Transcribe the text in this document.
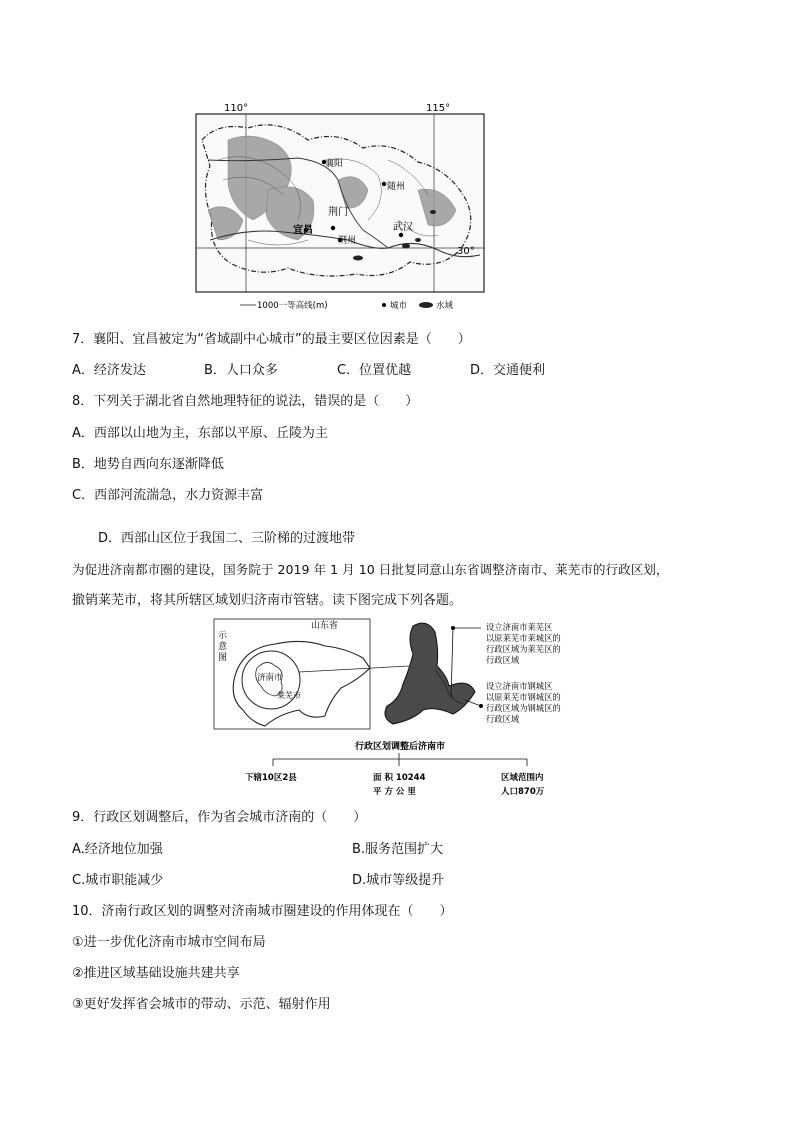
110°	115°
30°
襄阳
随州
荆门
宜昌
荆州
武汉
1000一等高线(m)	城市	水域
7．襄阳、宜昌被定为“省域副中心城市”的最主要区位因素是（　　）
A．经济发达	B．人口众多	C．位置优越	D．交通便利
8．下列关于湖北省自然地理特征的说法，错误的是（　　）
A．西部以山地为主，东部以平原、丘陵为主
B．地势自西向东逐渐降低
C．西部河流湍急，水力资源丰富
D．西部山区位于我国二、三阶梯的过渡地带
为促进济南都市圈的建设，国务院于 2019 年 1 月 10 日批复同意山东省调整济南市、莱芜市的行政区划，
撤销莱芜市，将其所辖区域划归济南市管辖。读下图完成下列各题。
示
意
图
山东省
济南市
莱芜市
设立济南市莱芜区
以原莱芜市莱城区的
行政区域为莱芜区的
行政区域
设立济南市钢城区
以原莱芜市钢城区的
行政区域为钢城区的
行政区域
行政区划调整后济南市
下辖10区2县	面 积 10244
平 方 公 里
区域范围内
人口870万
9．行政区划调整后，作为省会城市济南的（　　）
A.经济地位加强	B.服务范围扩大
C.城市职能减少	D.城市等级提升
10．济南行政区划的调整对济南城市圈建设的作用体现在（　　）
①进一步优化济南市城市空间布局
②推进区域基础设施共建共享
③更好发挥省会城市的带动、示范、辐射作用
